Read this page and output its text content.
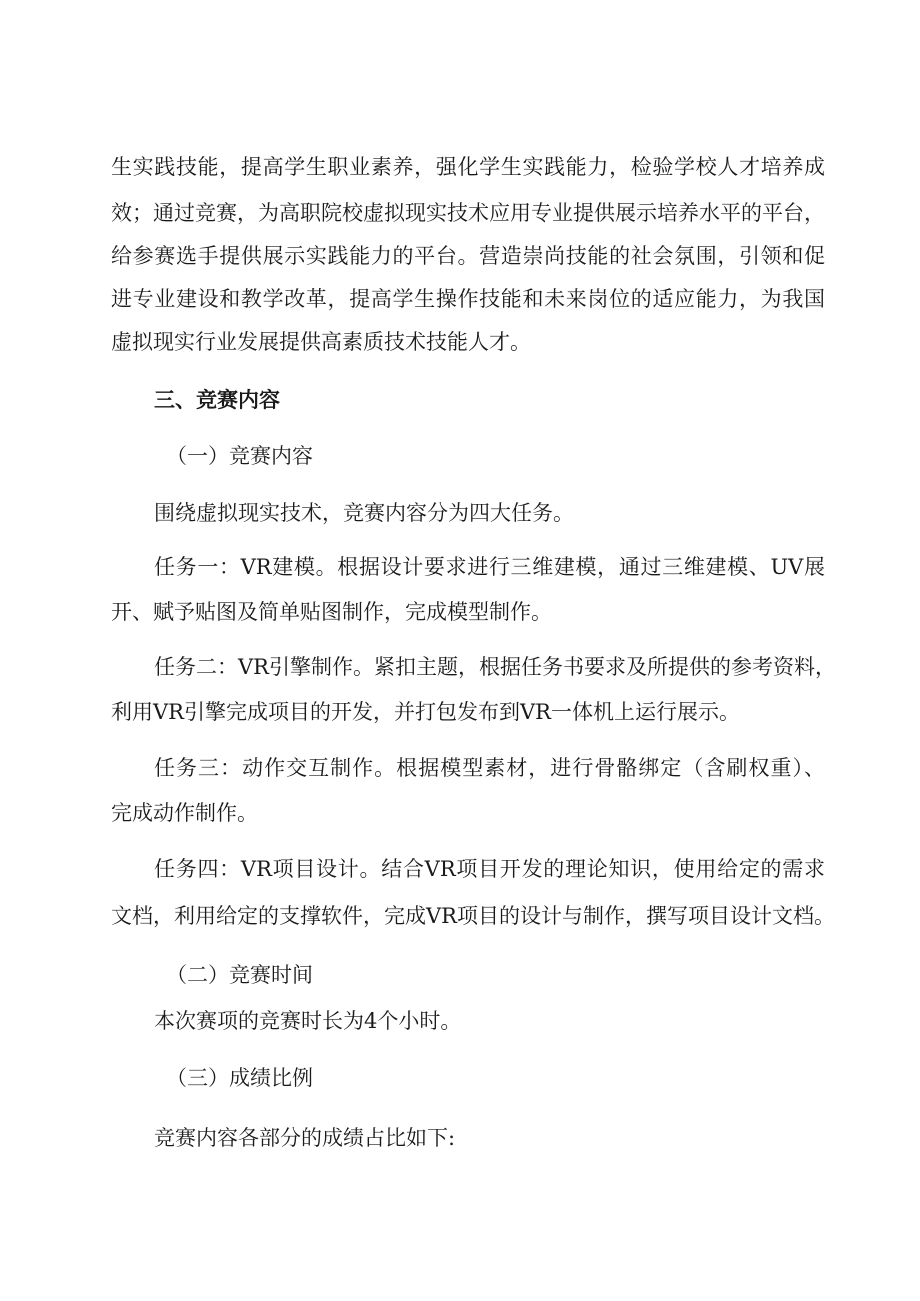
生实践技能，提高学生职业素养，强化学生实践能力，检验学校人才培养成
效；通过竞赛，为高职院校虚拟现实技术应用专业提供展示培养水平的平台，
给参赛选手提供展示实践能力的平台。营造崇尚技能的社会氛围，引领和促
进专业建设和教学改革，提高学生操作技能和未来岗位的适应能力，为我国
虚拟现实行业发展提供高素质技术技能人才。
三、竞赛内容
（一）竞赛内容
围绕虚拟现实技术，竞赛内容分为四大任务。
任务一：VR建模。根据设计要求进行三维建模，通过三维建模、UV展
开、赋予贴图及简单贴图制作，完成模型制作。
任务二：VR引擎制作。紧扣主题，根据任务书要求及所提供的参考资料，
利用VR引擎完成项目的开发，并打包发布到VR一体机上运行展示。
任务三：动作交互制作。根据模型素材，进行骨骼绑定（含刷权重）、
完成动作制作。
任务四：VR项目设计。结合VR项目开发的理论知识，使用给定的需求
文档，利用给定的支撑软件，完成VR项目的设计与制作，撰写项目设计文档。
（二）竞赛时间
本次赛项的竞赛时长为4个小时。
（三）成绩比例
竞赛内容各部分的成绩占比如下:
